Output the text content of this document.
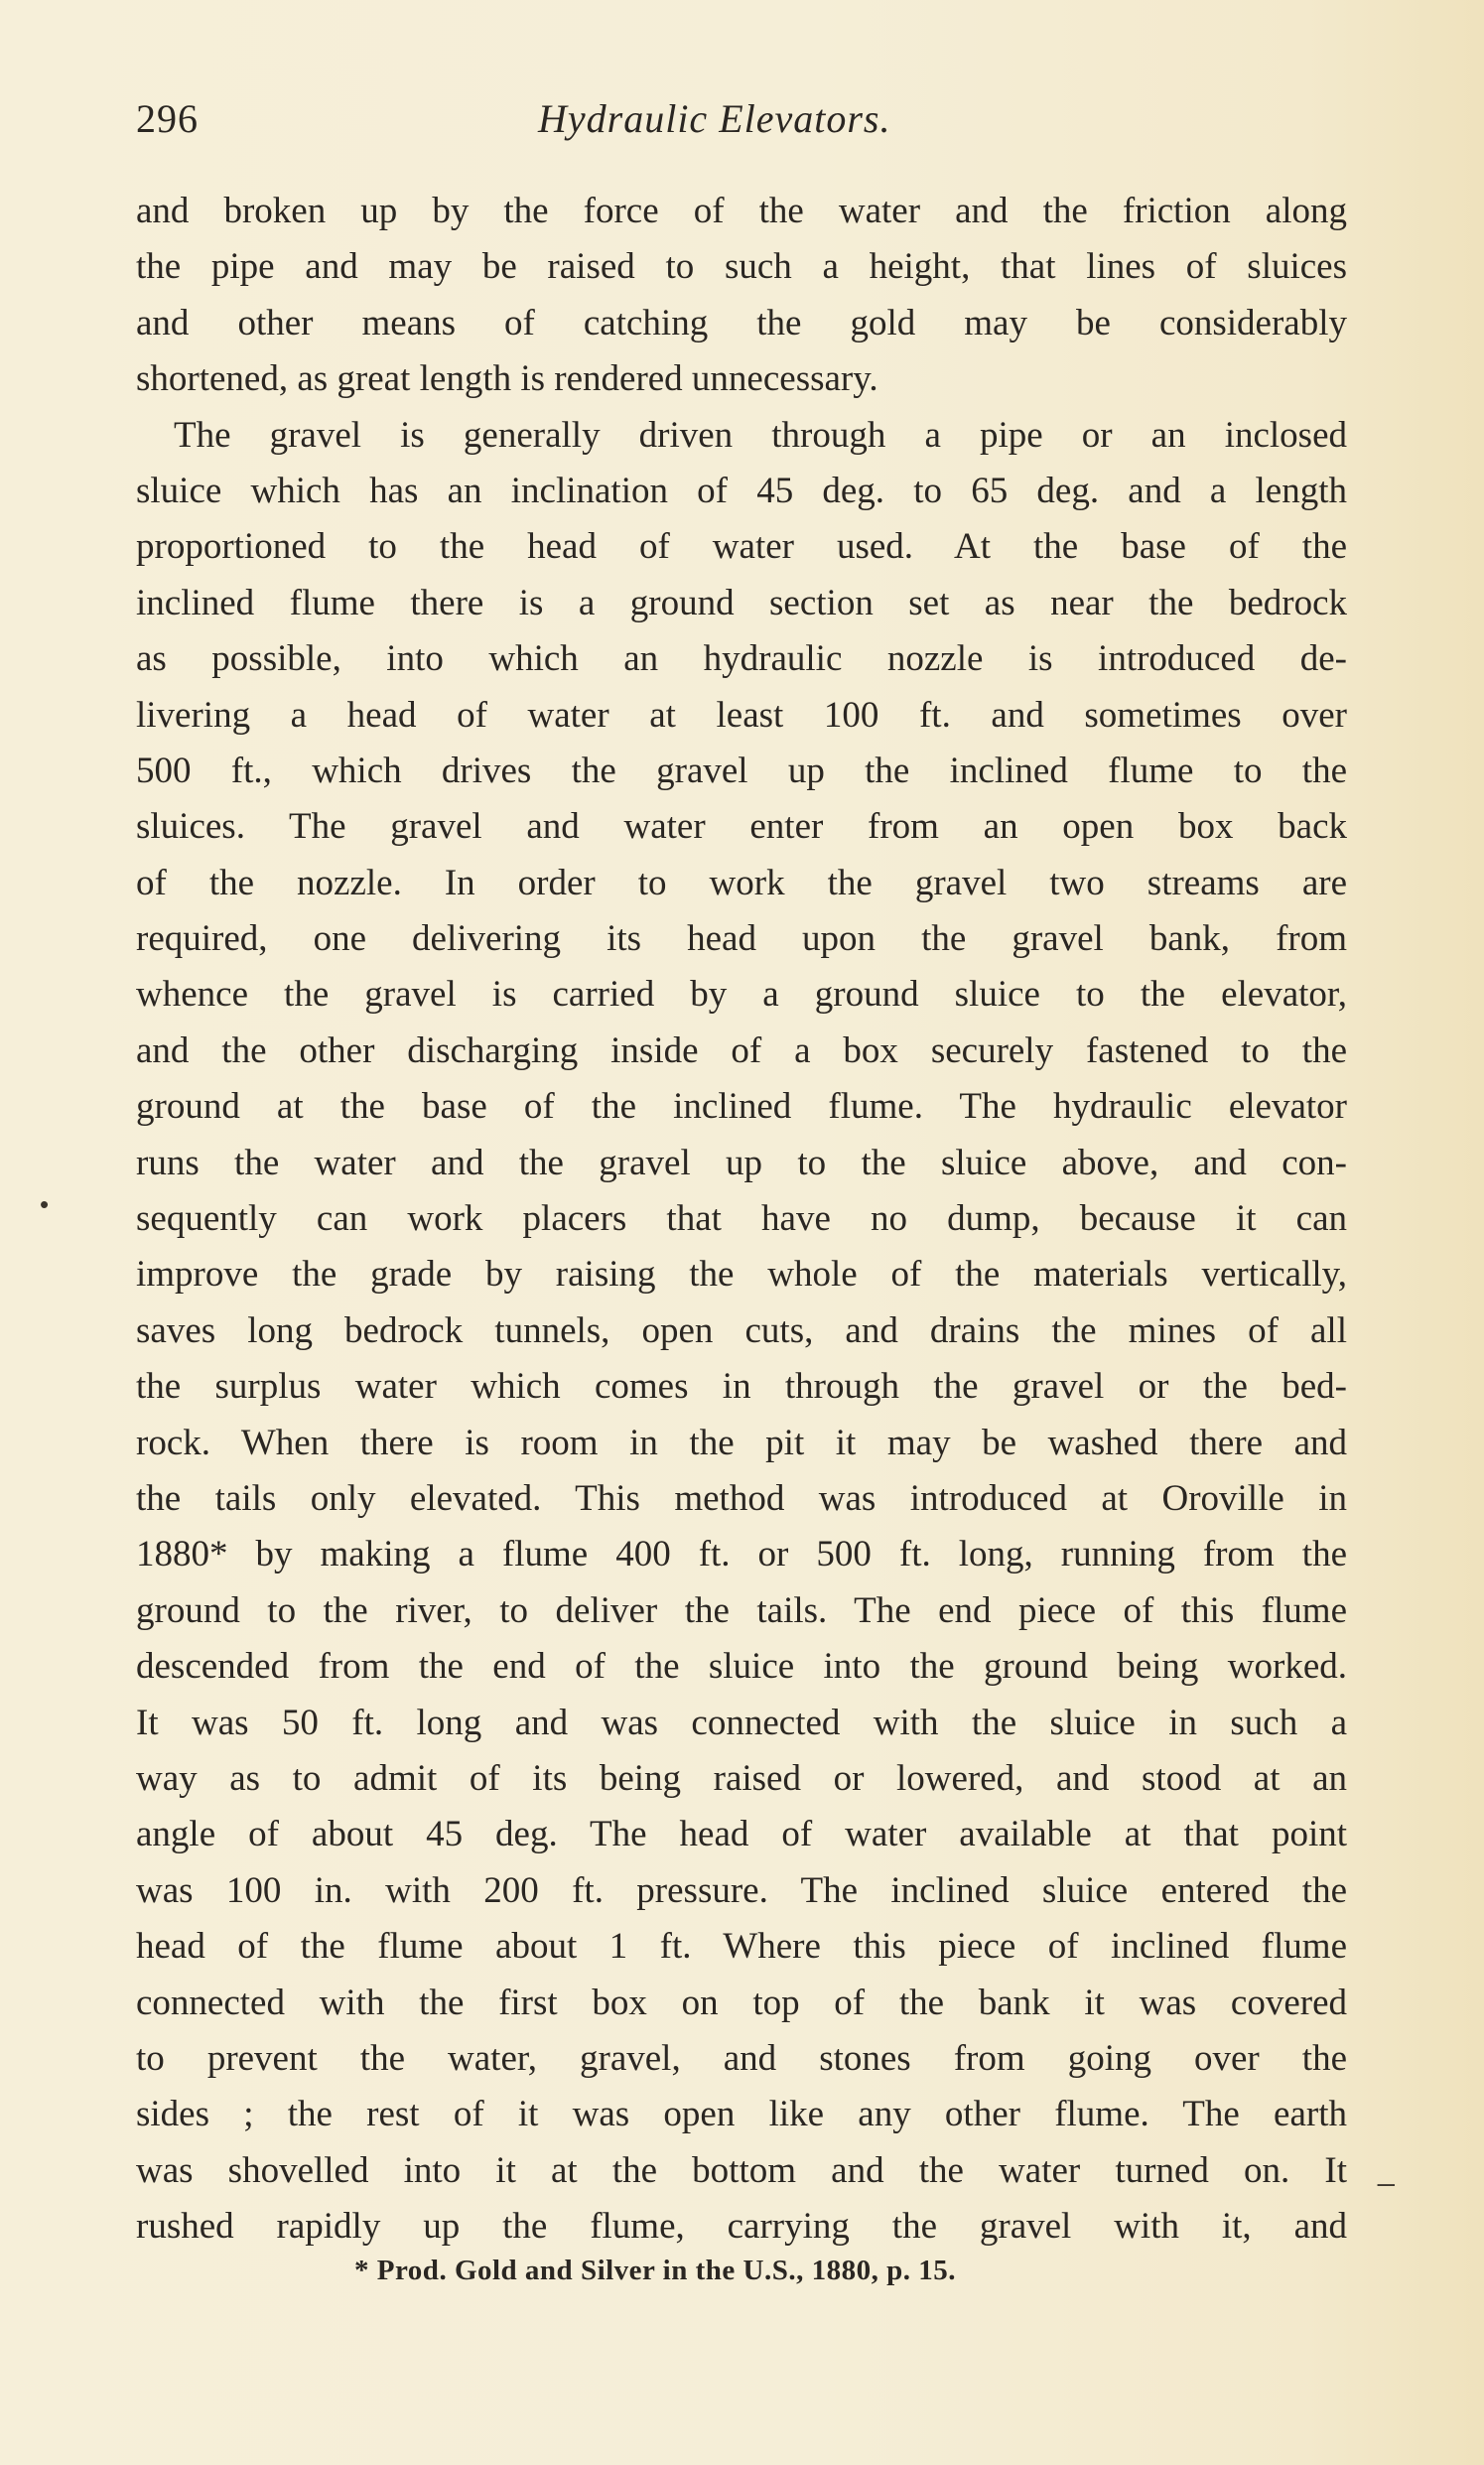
296	Hydraulic Elevators.
and broken up by the force of the water and the friction along
the pipe and may be raised to such a height, that lines of sluices
and other means of catching the gold may be considerably
shortened, as great length is rendered unnecessary.
The gravel is generally driven through a pipe or an inclosed
sluice which has an inclination of 45 deg. to 65 deg. and a length
proportioned to the head of water used. At the base of the
inclined flume there is a ground section set as near the bedrock
as possible, into which an hydraulic nozzle is introduced de-
livering a head of water at least 100 ft. and sometimes over
500 ft., which drives the gravel up the inclined flume to the
sluices. The gravel and water enter from an open box back
of the nozzle. In order to work the gravel two streams are
required, one delivering its head upon the gravel bank, from
whence the gravel is carried by a ground sluice to the elevator,
and the other discharging inside of a box securely fastened to the
ground at the base of the inclined flume. The hydraulic elevator
runs the water and the gravel up to the sluice above, and con-
sequently can work placers that have no dump, because it can
improve the grade by raising the whole of the materials vertically,
saves long bedrock tunnels, open cuts, and drains the mines of all
the surplus water which comes in through the gravel or the bed-
rock. When there is room in the pit it may be washed there and
the tails only elevated. This method was introduced at Oroville in
1880* by making a flume 400 ft. or 500 ft. long, running from the
ground to the river, to deliver the tails. The end piece of this flume
descended from the end of the sluice into the ground being worked.
It was 50 ft. long and was connected with the sluice in such a
way as to admit of its being raised or lowered, and stood at an
angle of about 45 deg. The head of water available at that point
was 100 in. with 200 ft. pressure. The inclined sluice entered the
head of the flume about 1 ft. Where this piece of inclined flume
connected with the first box on top of the bank it was covered
to prevent the water, gravel, and stones from going over the
sides ; the rest of it was open like any other flume. The earth
was shovelled into it at the bottom and the water turned on. It
rushed rapidly up the flume, carrying the gravel with it, and
* Prod. Gold and Silver in the U.S., 1880, p. 15.
•
_
